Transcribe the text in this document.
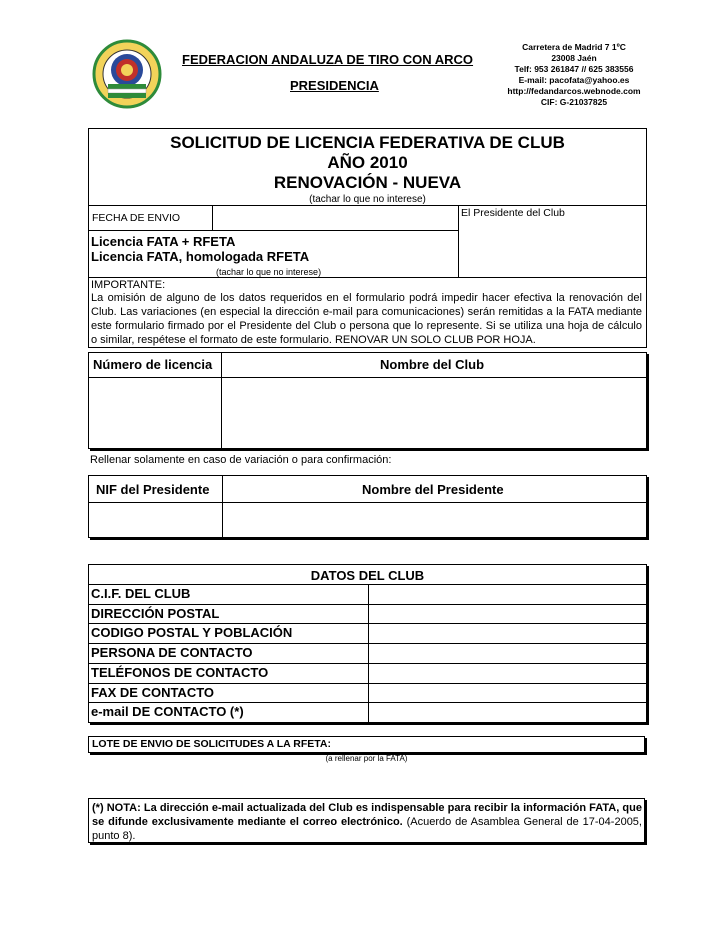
FEDERACION ANDALUZA DE TIRO CON ARCO
PRESIDENCIA
Carretera de Madrid 7 1ºC
23008 Jaén
Telf: 953 261847 // 625 383556
E-mail: pacofata@yahoo.es
http://fedandarcos.webnode.com
CIF: G-21037825
SOLICITUD DE LICENCIA FEDERATIVA DE CLUB
AÑO 2010
RENOVACIÓN - NUEVA
(tachar lo que no interese)
FECHA DE ENVIO	El Presidente del Club
Licencia FATA + RFETA
Licencia FATA, homologada RFETA
(tachar lo que no interese)
IMPORTANTE:
La omisión de alguno de los datos requeridos en el formulario podrá impedir hacer efectiva la renovación del Club. Las variaciones (en especial la dirección e-mail para comunicaciones) serán remitidas a la FATA mediante este formulario firmado por el Presidente del Club o persona que lo represente. Si se utiliza una hoja de cálculo o similar, respétese el formato de este formulario. RENOVAR UN SOLO CLUB POR HOJA.
Número de licencia	Nombre del Club
Rellenar solamente en caso de variación o para confirmación:
NIF del Presidente	Nombre del Presidente
DATOS DEL CLUB
C.I.F. DEL CLUB
DIRECCIÓN POSTAL
CODIGO POSTAL Y POBLACIÓN
PERSONA DE CONTACTO
TELÉFONOS DE CONTACTO
FAX DE CONTACTO
e-mail DE CONTACTO (*)
LOTE DE ENVIO DE SOLICITUDES A LA RFETA:
(a rellenar por la FATA)
(*) NOTA: La dirección e-mail actualizada del Club es indispensable para recibir la información FATA, que se difunde exclusivamente mediante el correo electrónico. (Acuerdo de Asamblea General de 17-04-2005, punto 8).
